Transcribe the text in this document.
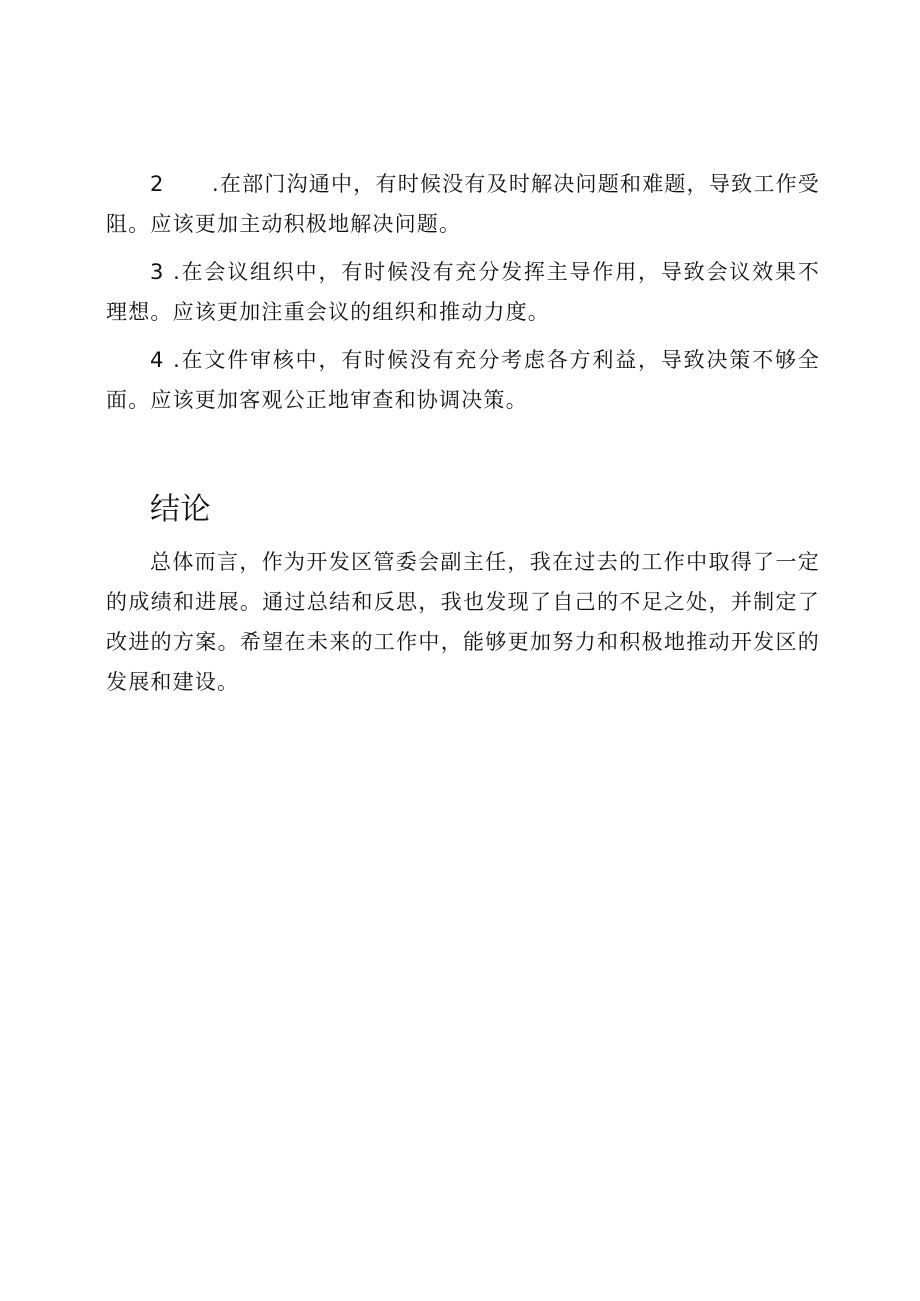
2 .在部门沟通中，有时候没有及时解决问题和难题，导致工作受阻。应该更加主动积极地解决问题。

3 .在会议组织中，有时候没有充分发挥主导作用，导致会议效果不理想。应该更加注重会议的组织和推动力度。

4 .在文件审核中，有时候没有充分考虑各方利益，导致决策不够全面。应该更加客观公正地审查和协调决策。

结论

总体而言，作为开发区管委会副主任，我在过去的工作中取得了一定的成绩和进展。通过总结和反思，我也发现了自己的不足之处，并制定了改进的方案。希望在未来的工作中，能够更加努力和积极地推动开发区的发展和建设。
